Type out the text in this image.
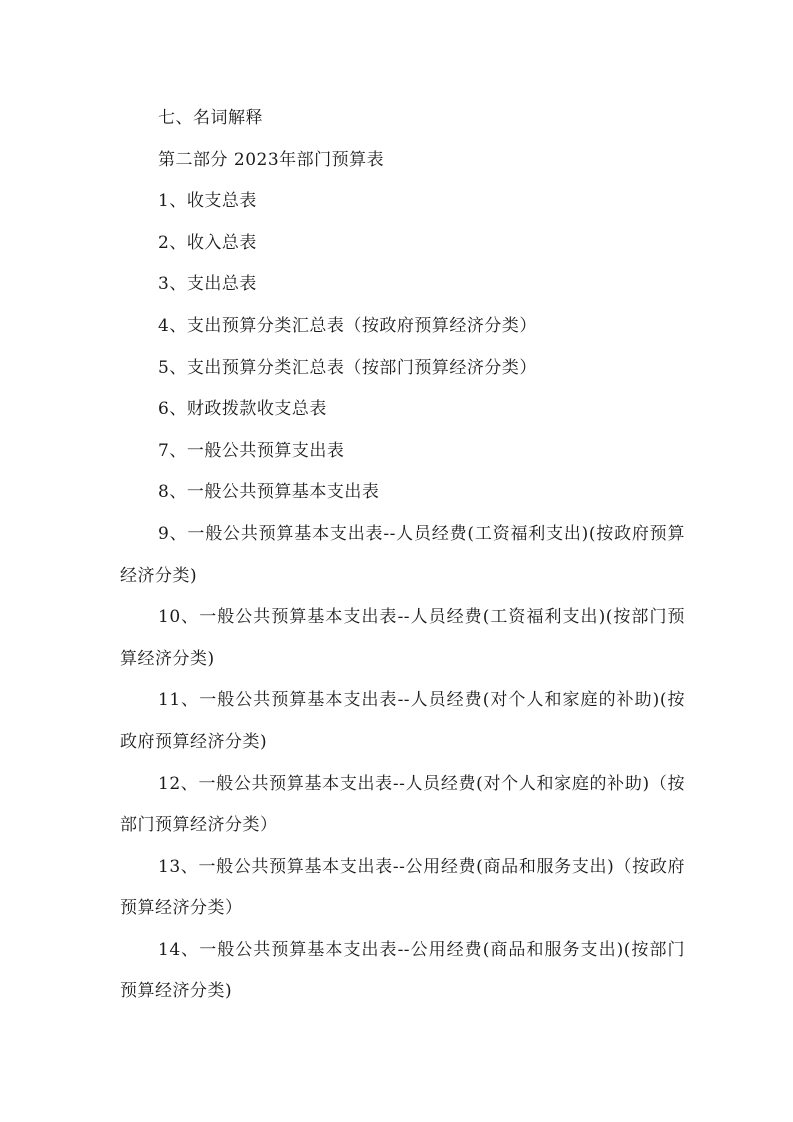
七、名词解释
第二部分 2023年部门预算表
1、收支总表
2、收入总表
3、支出总表
4、支出预算分类汇总表（按政府预算经济分类）
5、支出预算分类汇总表（按部门预算经济分类）
6、财政拨款收支总表
7、一般公共预算支出表
8、一般公共预算基本支出表

9、一般公共预算基本支出表--人员经费(工资福利支出)(按政府预算经济分类)

10、一般公共预算基本支出表--人员经费(工资福利支出)(按部门预算经济分类)

11、一般公共预算基本支出表--人员经费(对个人和家庭的补助)(按政府预算经济分类)

12、一般公共预算基本支出表--人员经费(对个人和家庭的补助)（按部门预算经济分类）

13、一般公共预算基本支出表--公用经费(商品和服务支出)（按政府预算经济分类）

14、一般公共预算基本支出表--公用经费(商品和服务支出)(按部门预算经济分类)
